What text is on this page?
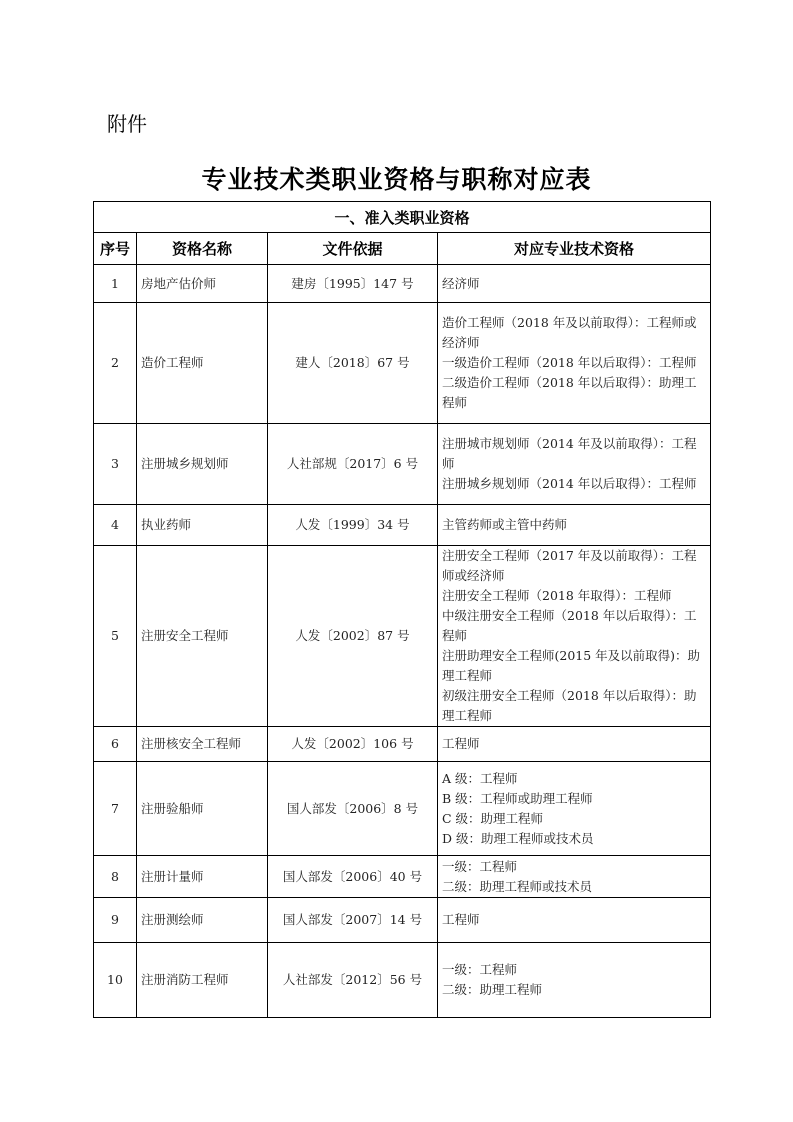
附件
专业技术类职业资格与职称对应表
一、准入类职业资格			
序号	资格名称	文件依据	对应专业技术资格
1	房地产估价师	建房〔1995〕147 号	经济师

2	造价工程师	建人〔2018〕67 号	造价工程师（2018 年及以前取得）：工程师或经济师
一级造价工程师（2018 年以后取得）：工程师
二级造价工程师（2018 年以后取得）：助理工程师

3	注册城乡规划师	人社部规〔2017〕6 号	注册城市规划师（2014 年及以前取得）：工程师
注册城乡规划师（2014 年以后取得）：工程师

4	执业药师	人发〔1999〕34 号	主管药师或主管中药师

5	注册安全工程师	人发〔2002〕87 号	注册安全工程师（2017 年及以前取得）：工程师或经济师
注册安全工程师（2018 年取得）：工程师
中级注册安全工程师（2018 年以后取得）：工程师
注册助理安全工程师(2015 年及以前取得)：助理工程师
初级注册安全工程师（2018 年以后取得）：助理工程师

6	注册核安全工程师	人发〔2002〕106 号	工程师

7	注册验船师	国人部发〔2006〕8 号	A 级：工程师
B 级：工程师或助理工程师
C 级：助理工程师
D 级：助理工程师或技术员

8	注册计量师	国人部发〔2006〕40 号	一级：工程师
二级：助理工程师或技术员

9	注册测绘师	国人部发〔2007〕14 号	工程师

10	注册消防工程师	人社部发〔2012〕56 号	一级：工程师
二级：助理工程师
